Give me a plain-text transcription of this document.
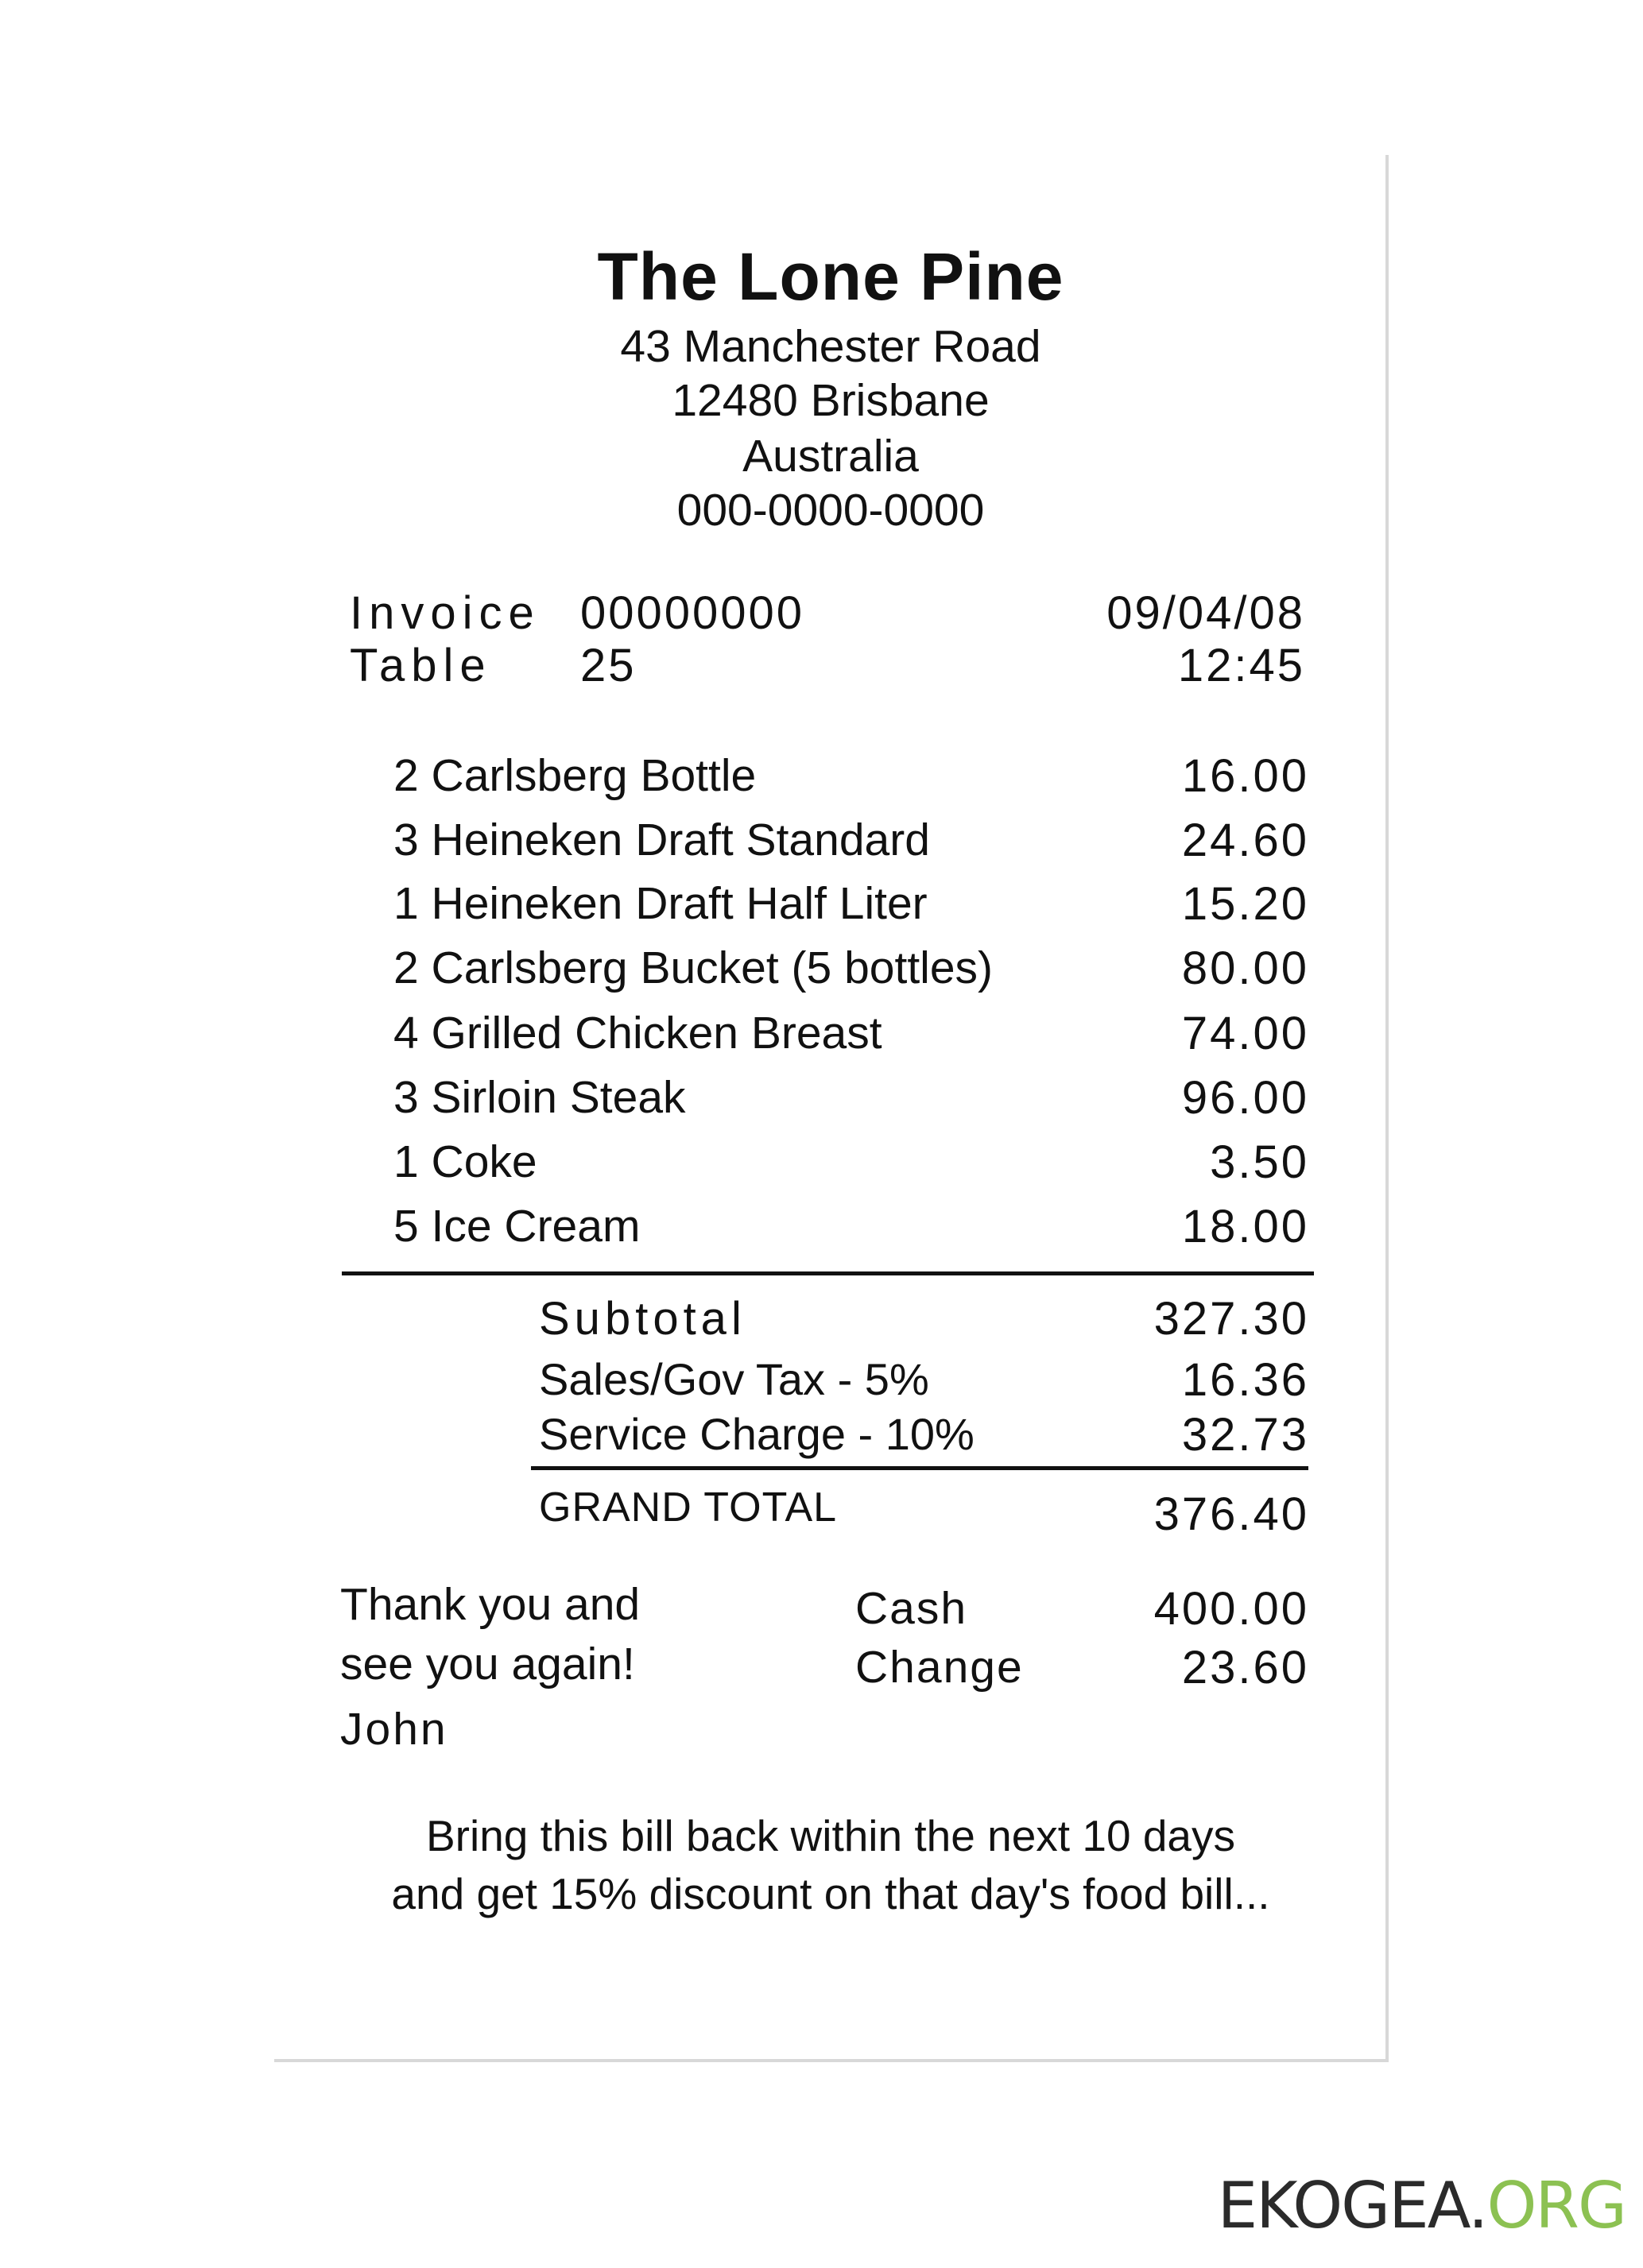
The Lone Pine
43 Manchester Road
12480 Brisbane
Australia
000-0000-0000
Invoice 00000000	09/04/08
Table 25	12:45
2 Carlsberg Bottle	16.00
3 Heineken Draft Standard	24.60
1 Heineken Draft Half Liter	15.20
2 Carlsberg Bucket (5 bottles)	80.00
4 Grilled Chicken Breast	74.00
3 Sirloin Steak	96.00
1 Coke	3.50
5 Ice Cream	18.00
Subtotal	327.30
Sales/Gov Tax - 5%	16.36
Service Charge - 10%	32.73
GRAND TOTAL	376.40
Thank you and
see you again!
John
Cash	400.00
Change	23.60
Bring this bill back within the next 10 days
and get 15% discount on that day's food bill...
EKOGEA.ORG
